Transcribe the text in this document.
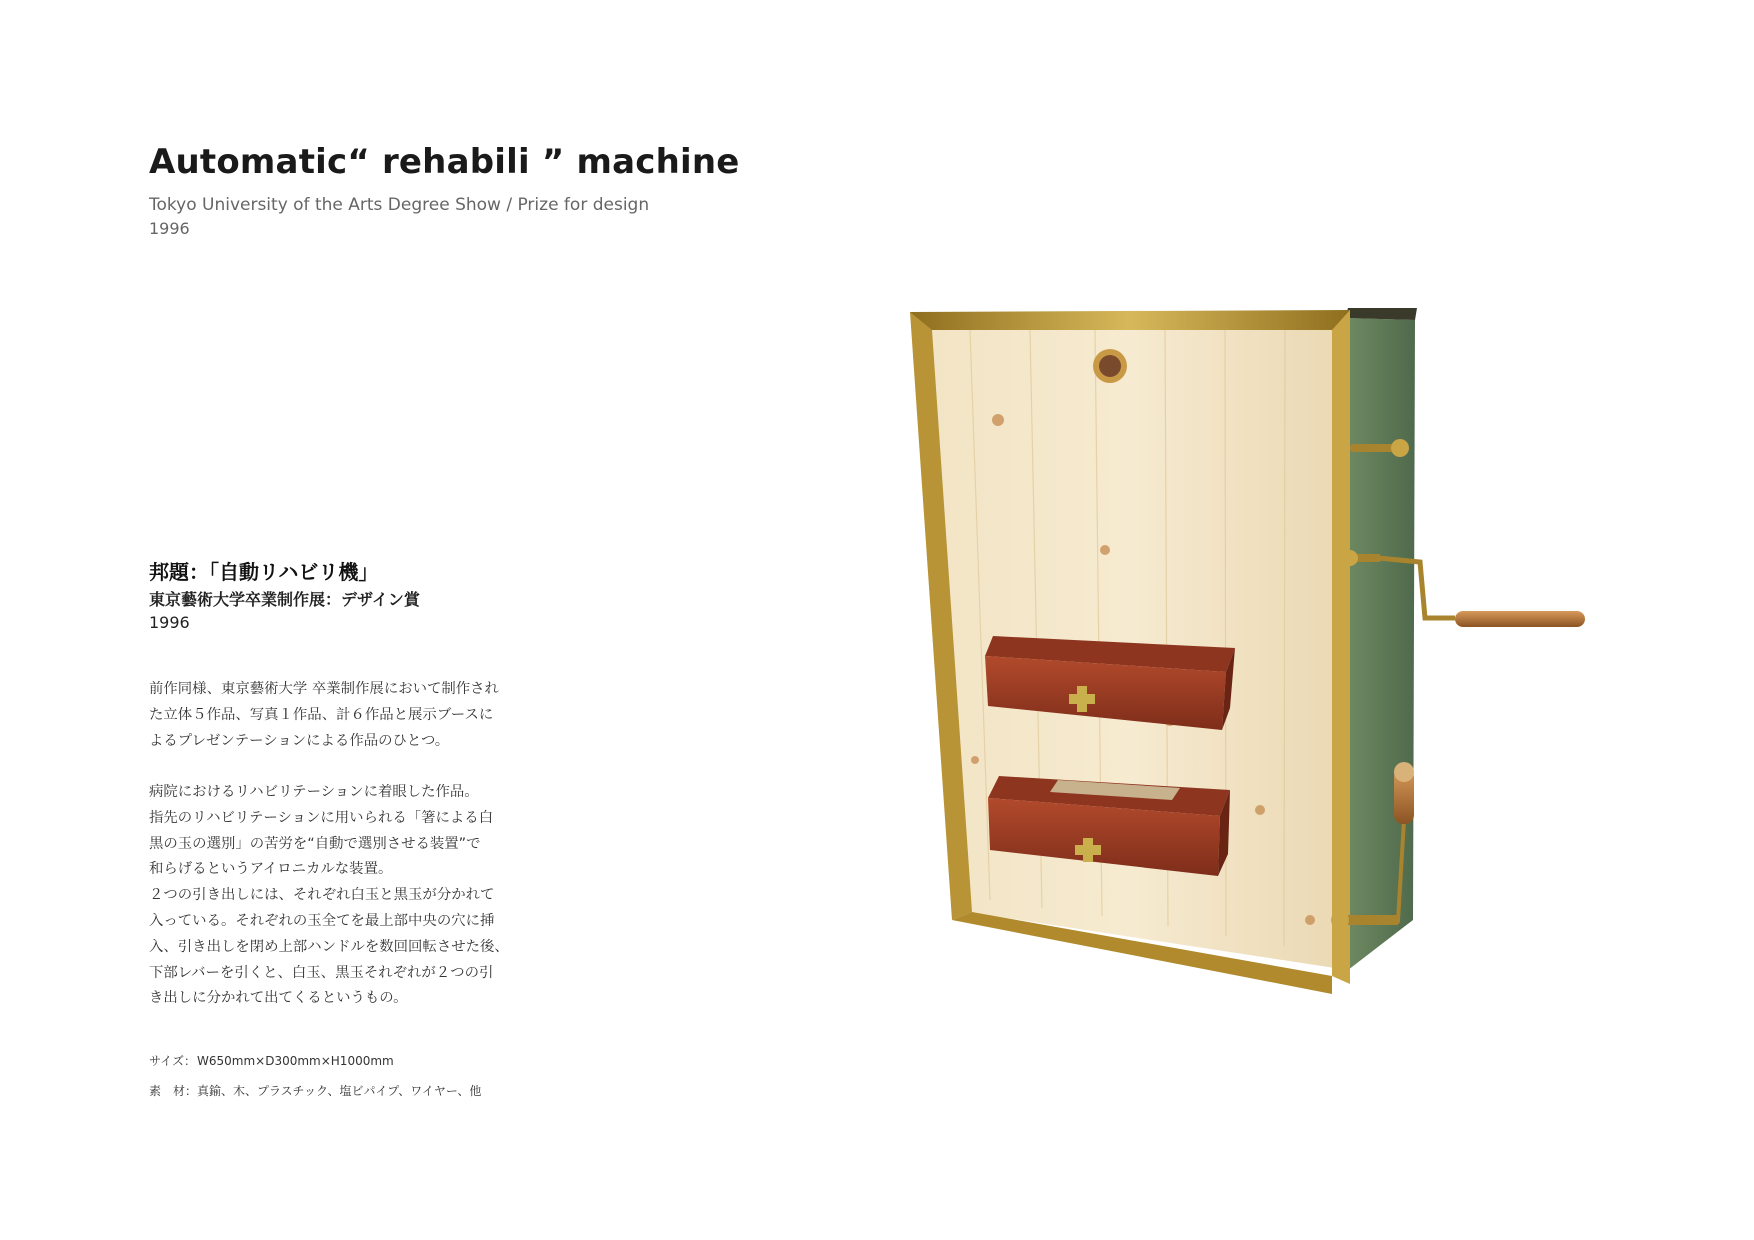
Automatic“ rehabili ” machine
Tokyo University of the Arts Degree Show / Prize for design
1996
邦題：「自動リハビリ機」
東京藝術大学卒業制作展：デザイン賞
1996

前作同様、東京藝術大学 卒業制作展において制作され

た立体５作品、写真１作品、計６作品と展示ブースに

よるプレゼンテーションによる作品のひとつ。

病院におけるリハビリテーションに着眼した作品。

指先のリハビリテーションに用いられる「箸による白

黒の玉の選別」の苦労を“自動で選別させる装置”で

和らげるというアイロニカルな装置。

２つの引き出しには、それぞれ白玉と黒玉が分かれて

入っている。それぞれの玉全てを最上部中央の穴に挿

入、引き出しを閉め上部ハンドルを数回回転させた後、

下部レバーを引くと、白玉、黒玉それぞれが２つの引

き出しに分かれて出てくるというもの。

サイズ：W650mm×D300mm×H1000mm
素　材：真鍮、木、プラスチック、塩ビパイプ、ワイヤー、他
